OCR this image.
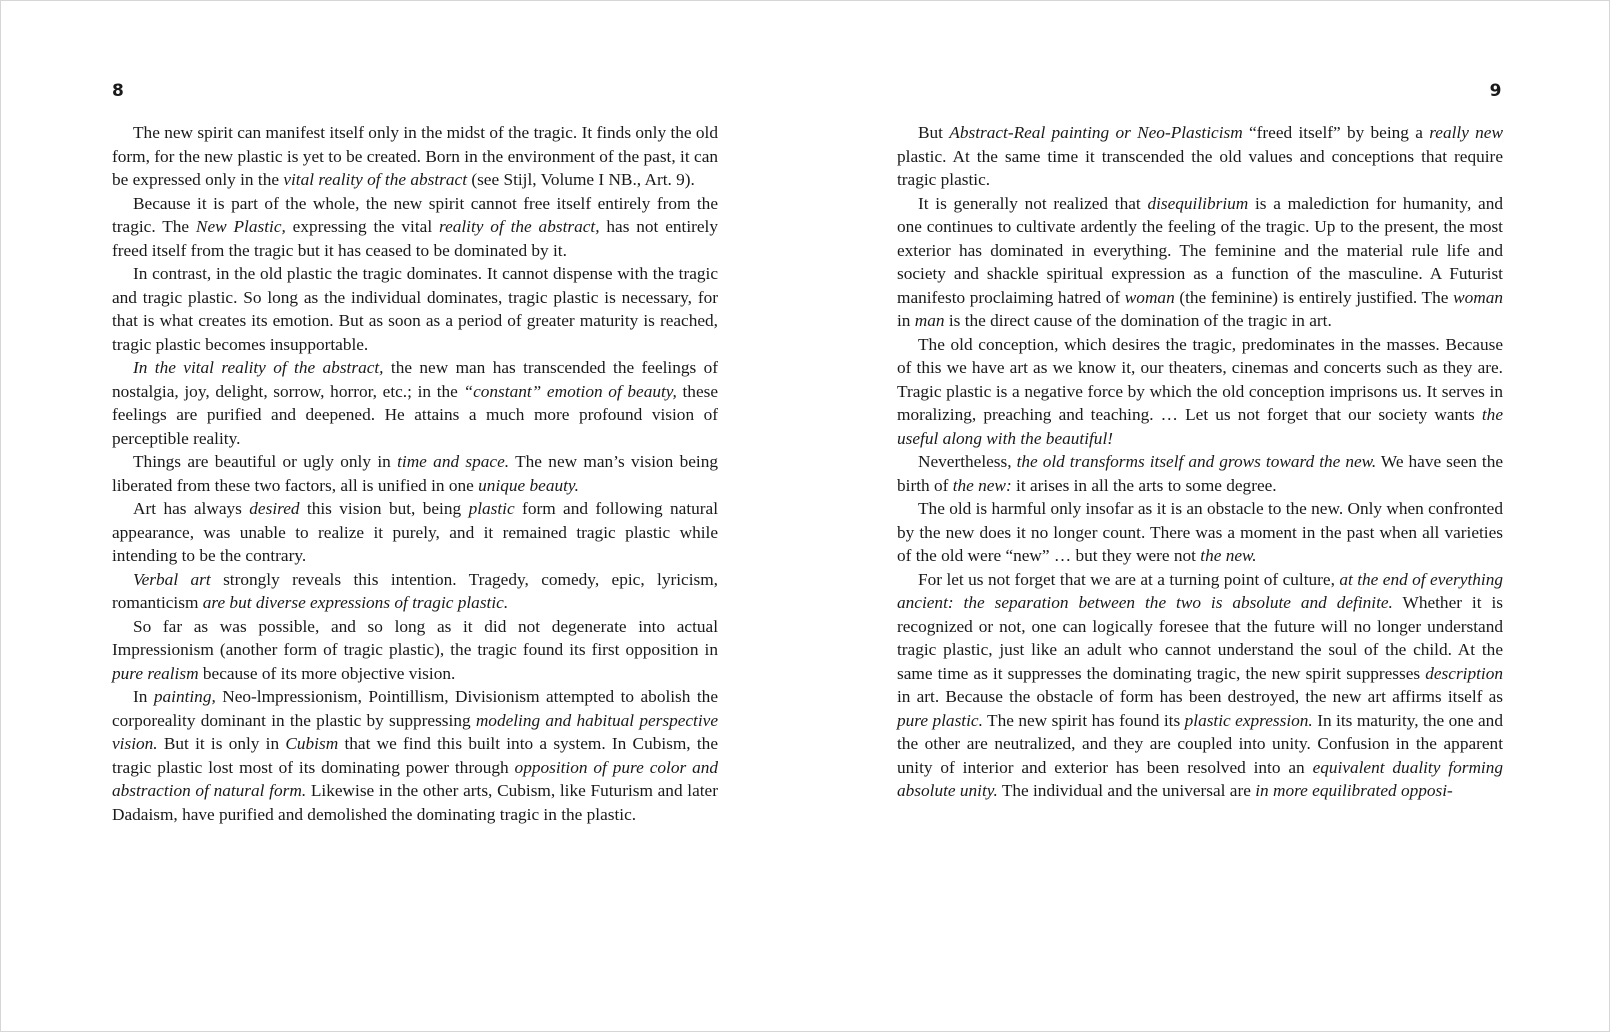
8

The new spirit can manifest itself only in the midst of the tragic. It finds only the old form, for the new plastic is yet to be created. Born in the environment of the past, it can be expressed only in the vital reality of the abstract (see Stijl, Volume I NB., Art. 9).

Because it is part of the whole, the new spirit cannot free itself entirely from the tragic. The New Plastic, expressing the vital reality of the abstract, has not entirely freed itself from the tragic but it has ceased to be dominated by it.

In contrast, in the old plastic the tragic dominates. It cannot dispense with the tragic and tragic plastic. So long as the individual dominates, tragic plastic is necessary, for that is what creates its emotion. But as soon as a period of greater maturity is reached, tragic plastic becomes insupportable.

In the vital reality of the abstract, the new man has transcended the feelings of nostalgia, joy, delight, sorrow, horror, etc.; in the “constant” emotion of beauty, these feelings are purified and deepened. He attains a much more profound vision of perceptible reality.

Things are beautiful or ugly only in time and space. The new man’s vision being liberated from these two factors, all is unified in one unique beauty.

Art has always desired this vision but, being plastic form and following natural appearance, was unable to realize it purely, and it remained tragic plastic while intending to be the contrary.

Verbal art strongly reveals this intention. Tragedy, comedy, epic, lyricism, romanticism are but diverse expressions of tragic plastic.

So far as was possible, and so long as it did not degenerate into actual Impressionism (another form of tragic plastic), the tragic found its first opposition in pure realism because of its more objective vision.

In painting, Neo-lmpressionism, Pointillism, Divisionism attempted to abolish the corporeality dominant in the plastic by suppressing modeling and habitual perspective vision. But it is only in Cubism that we find this built into a system. In Cubism, the tragic plastic lost most of its dominating power through opposition of pure color and abstraction of natural form. Likewise in the other arts, Cubism, like Futurism and later Dadaism, have purified and demolished the dominating tragic in the plastic.

9

But Abstract-Real painting or Neo-Plasticism “freed itself” by being a really new plastic. At the same time it transcended the old values and conceptions that require tragic plastic.

It is generally not realized that disequilibrium is a malediction for humanity, and one continues to cultivate ardently the feeling of the tragic. Up to the present, the most exterior has dominated in everything. The feminine and the material rule life and society and shackle spiritual expression as a function of the masculine. A Futurist manifesto proclaiming hatred of woman (the feminine) is entirely justified. The woman in man is the direct cause of the domination of the tragic in art.

The old conception, which desires the tragic, predominates in the masses. Because of this we have art as we know it, our theaters, cinemas and concerts such as they are. Tragic plastic is a negative force by which the old conception imprisons us. It serves in moralizing, preaching and teaching. … Let us not forget that our society wants the useful along with the beautiful!

Nevertheless, the old transforms itself and grows toward the new. We have seen the birth of the new: it arises in all the arts to some degree.

The old is harmful only insofar as it is an obstacle to the new. Only when confronted by the new does it no longer count. There was a moment in the past when all varieties of the old were “new” … but they were not the new.

For let us not forget that we are at a turning point of culture, at the end of everything ancient: the separation between the two is absolute and definite. Whether it is recognized or not, one can logically foresee that the future will no longer understand tragic plastic, just like an adult who cannot understand the soul of the child. At the same time as it suppresses the dominating tragic, the new spirit suppresses description in art. Because the obstacle of form has been destroyed, the new art affirms itself as pure plastic. The new spirit has found its plastic expression. In its maturity, the one and the other are neutralized, and they are coupled into unity. Confusion in the apparent unity of interior and exterior has been resolved into an equivalent duality forming absolute unity. The individual and the universal are in more equilibrated opposi-
